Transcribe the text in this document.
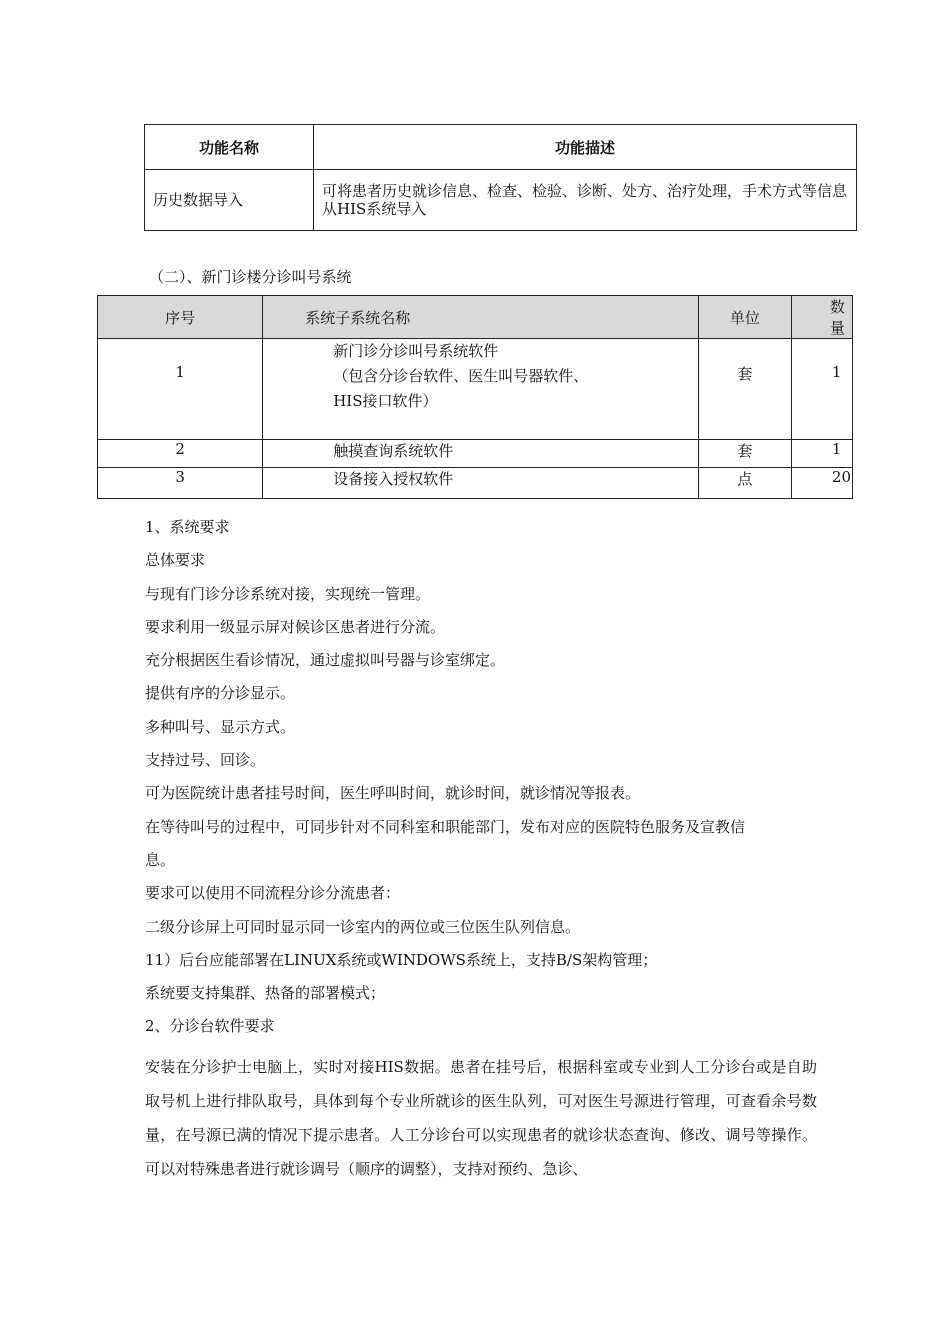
功能名称	功能描述
历史数据导入	可将患者历史就诊信息、检查、检验、诊断、处方、治疗处理，手术方式等信息从HIS系统导入
（二）、新门诊楼分诊叫号系统
序号	系统子系统名称	单位	数量
1	新门诊分诊叫号系统软件
（包含分诊台软件、医生叫号器软件、
HIS接口软件）	套	1
2	触摸查询系统软件	套	1
3	设备接入授权软件	点	20
1、系统要求
总体要求
与现有门诊分诊系统对接，实现统一管理。
要求利用一级显示屏对候诊区患者进行分流。
充分根据医生看诊情况，通过虚拟叫号器与诊室绑定。
提供有序的分诊显示。
多种叫号、显示方式。
支持过号、回诊。
可为医院统计患者挂号时间，医生呼叫时间，就诊时间，就诊情况等报表。
在等待叫号的过程中，可同步针对不同科室和职能部门，发布对应的医院特色服务及宣教信
息。
要求可以使用不同流程分诊分流患者：
二级分诊屏上可同时显示同一诊室内的两位或三位医生队列信息。
11）后台应能部署在LINUX系统或WINDOWS系统上，支持B/S架构管理；
系统要支持集群、热备的部署模式；
2、分诊台软件要求

安装在分诊护士电脑上，实时对接HIS数据。患者在挂号后，根据科室或专业到人工分诊台或是自助取号机上进行排队取号，具体到每个专业所就诊的医生队列，可对医生号源进行管理，可查看余号数量，在号源已满的情况下提示患者。人工分诊台可以实现患者的就诊状态查询、修改、调号等操作。可以对特殊患者进行就诊调号（顺序的调整），支持对预约、急诊、
